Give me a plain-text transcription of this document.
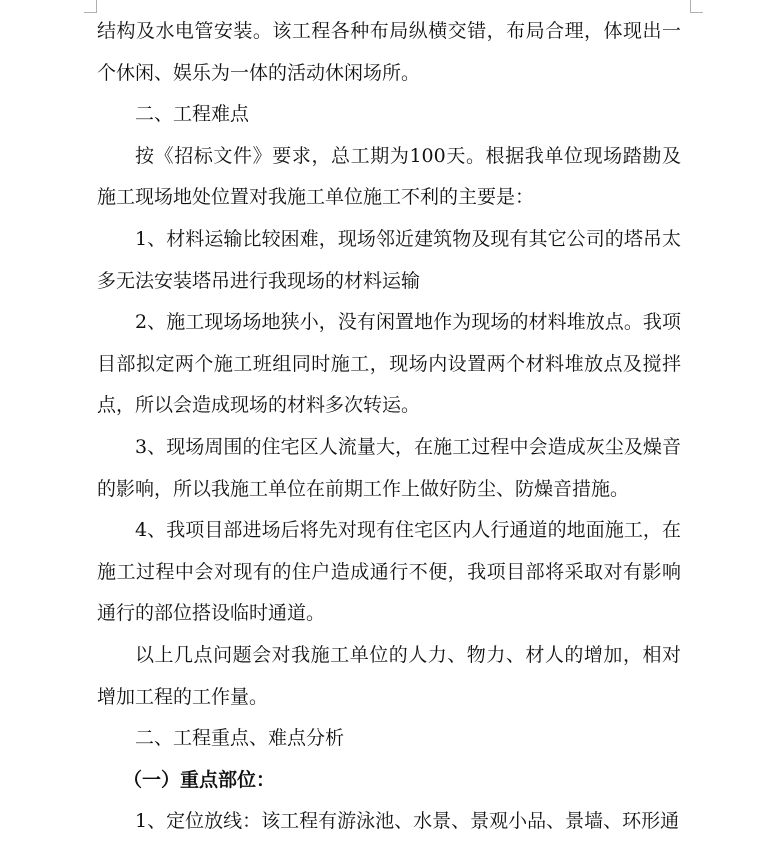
结构及水电管安装。该工程各种布局纵横交错，布局合理，体现出一个休闲、娱乐为一体的活动休闲场所。

二、工程难点

按《招标文件》要求，总工期为100天。根据我单位现场踏勘及施工现场地处位置对我施工单位施工不利的主要是：

1、材料运输比较困难，现场邻近建筑物及现有其它公司的塔吊太多无法安装塔吊进行我现场的材料运输

2、施工现场场地狭小，没有闲置地作为现场的材料堆放点。我项目部拟定两个施工班组同时施工，现场内设置两个材料堆放点及搅拌点，所以会造成现场的材料多次转运。

3、现场周围的住宅区人流量大，在施工过程中会造成灰尘及燥音的影响，所以我施工单位在前期工作上做好防尘、防燥音措施。

4、我项目部进场后将先对现有住宅区内人行通道的地面施工，在施工过程中会对现有的住户造成通行不便，我项目部将采取对有影响通行的部位搭设临时通道。

以上几点问题会对我施工单位的人力、物力、材人的增加，相对增加工程的工作量。

二、工程重点、难点分析

（一）重点部位：

1、定位放线：该工程有游泳池、水景、景观小品、景墙、环形通
